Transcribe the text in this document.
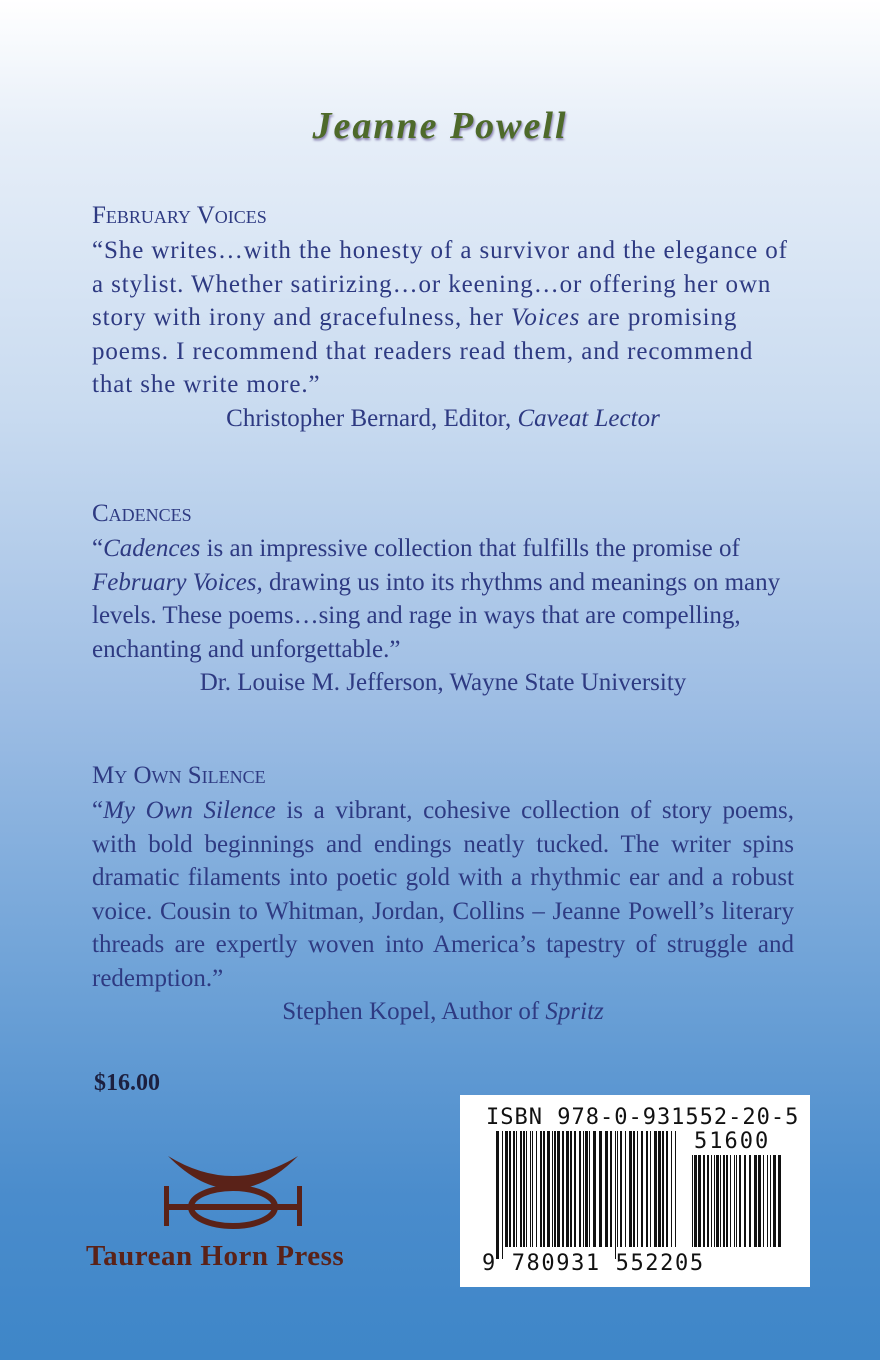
Jeanne Powell
February Voices
“She writes…with the honesty of a survivor and the elegance of a stylist. Whether satirizing…or keening…or offering her own story with irony and gracefulness, her Voices are promising poems. I recommend that readers read them, and recommend that she write more.”
Christopher Bernard, Editor, Caveat Lector
Cadences
“Cadences is an impressive collection that fulfills the promise of February Voices, drawing us into its rhythms and meanings on many levels. These poems…sing and rage in ways that are compelling, enchanting and unforgettable.”
Dr. Louise M. Jefferson, Wayne State University
My Own Silence
“My Own Silence is a vibrant, cohesive collection of story poems, with bold beginnings and endings neatly tucked. The writer spins dramatic filaments into poetic gold with a rhythmic ear and a robust voice. Cousin to Whitman, Jordan, Collins – Jeanne Powell’s literary threads are expertly woven into America’s tapestry of struggle and redemption.”
Stephen Kopel, Author of Spritz
$16.00
Taurean Horn Press
ISBN 978-0-931552-20-5
51600
9 780931 552205
